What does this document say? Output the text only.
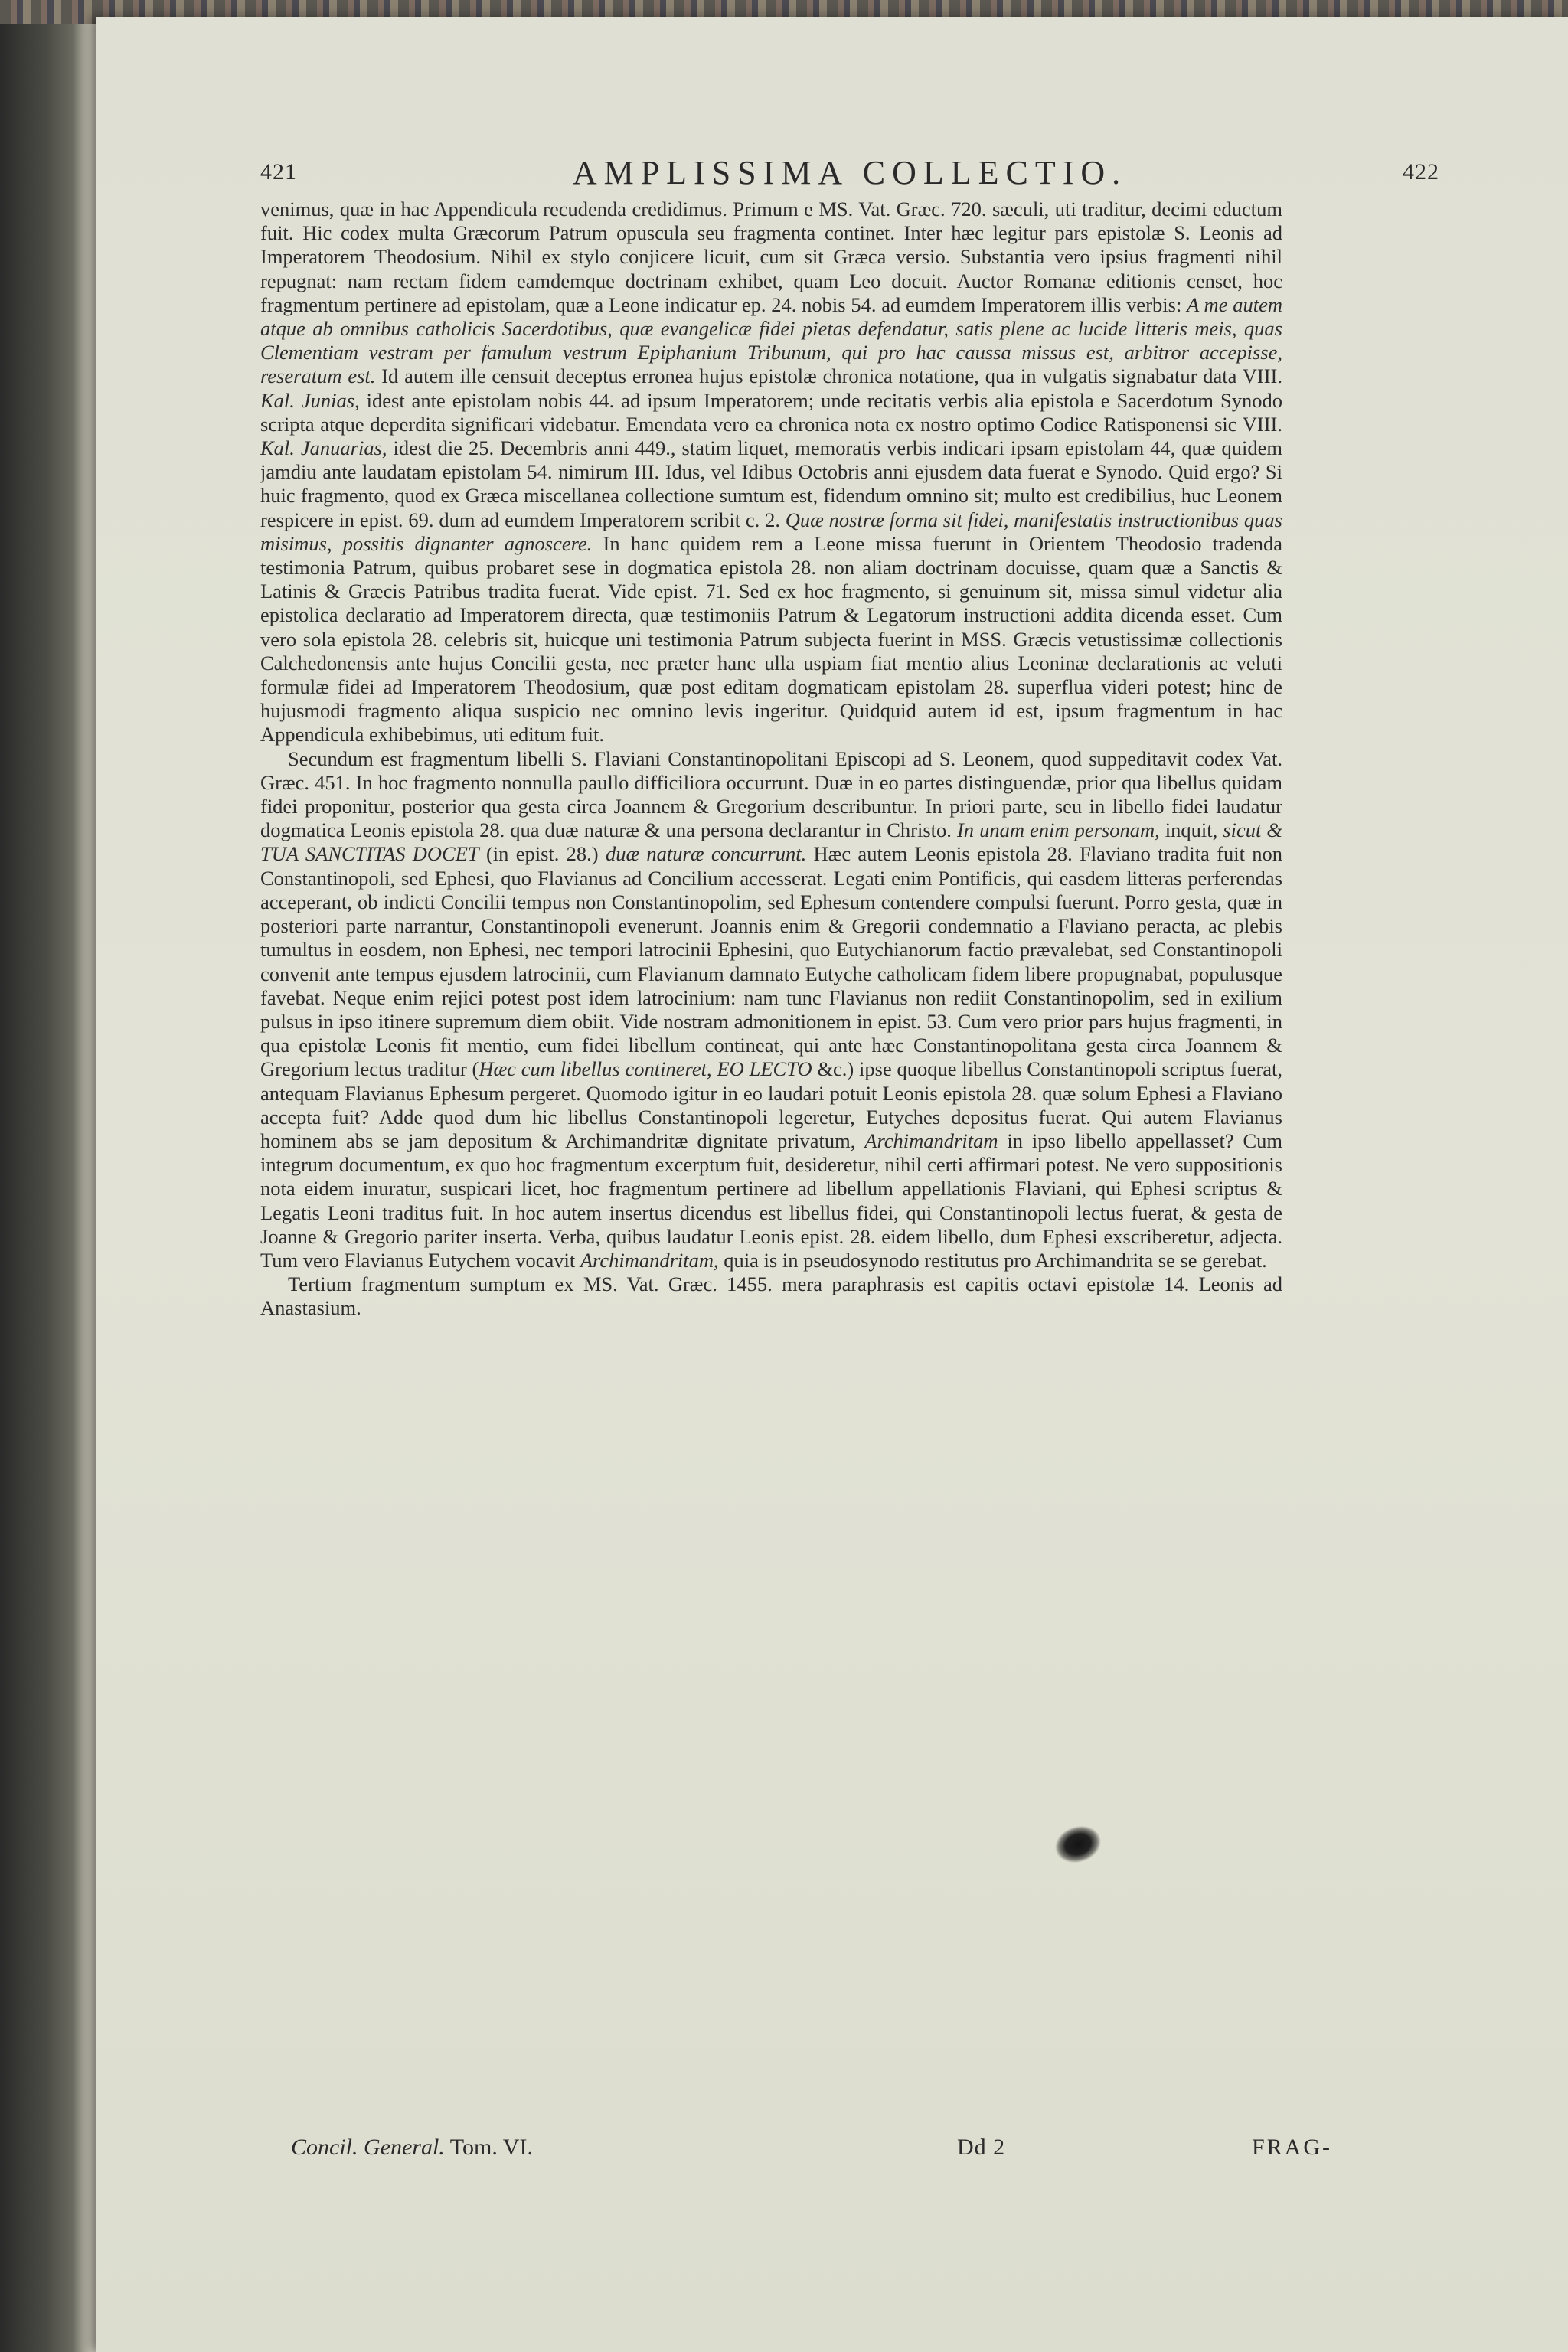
421	AMPLISSIMA COLLECTIO.	422

venimus, quæ in hac Appendicula recudenda credidimus. Primum e MS. Vat. Græc. 720. sæculi, uti traditur, decimi eductum fuit. Hic codex multa Græcorum Patrum opuscula seu fragmenta continet. Inter hæc legitur pars epistolæ S. Leonis ad Imperatorem Theodosium. Nihil ex stylo conjicere licuit, cum sit Græca versio. Substantia vero ipsius fragmenti nihil repugnat: nam rectam fidem eamdemque doctrinam exhibet, quam Leo docuit. Auctor Romanæ editionis censet, hoc fragmentum pertinere ad epistolam, quæ a Leone indicatur ep. 24. nobis 54. ad eumdem Imperatorem illis verbis: A me autem atque ab omnibus catholicis Sacerdotibus, quæ evangelicæ fidei pietas defendatur, satis plene ac lucide litteris meis, quas Clementiam vestram per famulum vestrum Epiphanium Tribunum, qui pro hac caussa missus est, arbitror accepisse, reseratum est. Id autem ille censuit deceptus erronea hujus epistolæ chronica notatione, qua in vulgatis signabatur data VIII. Kal. Junias, idest ante epistolam nobis 44. ad ipsum Imperatorem; unde recitatis verbis alia epistola e Sacerdotum Synodo scripta atque deperdita significari videbatur. Emendata vero ea chronica nota ex nostro optimo Codice Ratisponensi sic VIII. Kal. Januarias, idest die 25. Decembris anni 449., statim liquet, memoratis verbis indicari ipsam epistolam 44, quæ quidem jamdiu ante laudatam epistolam 54. nimirum III. Idus, vel Idibus Octobris anni ejusdem data fuerat e Synodo. Quid ergo? Si huic fragmento, quod ex Græca miscellanea collectione sumtum est, fidendum omnino sit; multo est credibilius, huc Leonem respicere in epist. 69. dum ad eumdem Imperatorem scribit c. 2. Quæ nostræ forma sit fidei, manifestatis instructionibus quas misimus, possitis dignanter agnoscere. In hanc quidem rem a Leone missa fuerunt in Orientem Theodosio tradenda testimonia Patrum, quibus probaret sese in dogmatica epistola 28. non aliam doctrinam docuisse, quam quæ a Sanctis & Latinis & Græcis Patribus tradita fuerat. Vide epist. 71. Sed ex hoc fragmento, si genuinum sit, missa simul videtur alia epistolica declaratio ad Imperatorem directa, quæ testimoniis Patrum & Legatorum instructioni addita dicenda esset. Cum vero sola epistola 28. celebris sit, huicque uni testimonia Patrum subjecta fuerint in MSS. Græcis vetustissimæ collectionis Calchedonensis ante hujus Concilii gesta, nec præter hanc ulla uspiam fiat mentio alius Leoninæ declarationis ac veluti formulæ fidei ad Imperatorem Theodosium, quæ post editam dogmaticam epistolam 28. superflua videri potest; hinc de hujusmodi fragmento aliqua suspicio nec omnino levis ingeritur. Quidquid autem id est, ipsum fragmentum in hac Appendicula exhibebimus, uti editum fuit.

Secundum est fragmentum libelli S. Flaviani Constantinopolitani Episcopi ad S. Leonem, quod suppeditavit codex Vat. Græc. 451. In hoc fragmento nonnulla paullo difficiliora occurrunt. Duæ in eo partes distinguendæ, prior qua libellus quidam fidei proponitur, posterior qua gesta circa Joannem & Gregorium describuntur. In priori parte, seu in libello fidei laudatur dogmatica Leonis epistola 28. qua duæ naturæ & una persona declarantur in Christo. In unam enim personam, inquit, sicut & TUA SANCTITAS DOCET (in epist. 28.) duæ naturæ concurrunt. Hæc autem Leonis epistola 28. Flaviano tradita fuit non Constantinopoli, sed Ephesi, quo Flavianus ad Concilium accesserat. Legati enim Pontificis, qui easdem litteras perferendas acceperant, ob indicti Concilii tempus non Constantinopolim, sed Ephesum contendere compulsi fuerunt. Porro gesta, quæ in posteriori parte narrantur, Constantinopoli evenerunt. Joannis enim & Gregorii condemnatio a Flaviano peracta, ac plebis tumultus in eosdem, non Ephesi, nec tempori latrocinii Ephesini, quo Eutychianorum factio prævalebat, sed Constantinopoli convenit ante tempus ejusdem latrocinii, cum Flavianum damnato Eutyche catholicam fidem libere propugnabat, populusque favebat. Neque enim rejici potest post idem latrocinium: nam tunc Flavianus non rediit Constantinopolim, sed in exilium pulsus in ipso itinere supremum diem obiit. Vide nostram admonitionem in epist. 53. Cum vero prior pars hujus fragmenti, in qua epistolæ Leonis fit mentio, eum fidei libellum contineat, qui ante hæc Constantinopolitana gesta circa Joannem & Gregorium lectus traditur (Hæc cum libellus contineret, EO LECTO &c.) ipse quoque libellus Constantinopoli scriptus fuerat, antequam Flavianus Ephesum pergeret. Quomodo igitur in eo laudari potuit Leonis epistola 28. quæ solum Ephesi a Flaviano accepta fuit? Adde quod dum hic libellus Constantinopoli legeretur, Eutyches depositus fuerat. Qui autem Flavianus hominem abs se jam depositum & Archimandritæ dignitate privatum, Archimandritam in ipso libello appellasset? Cum integrum documentum, ex quo hoc fragmentum excerptum fuit, desideretur, nihil certi affirmari potest. Ne vero suppositionis nota eidem inuratur, suspicari licet, hoc fragmentum pertinere ad libellum appellationis Flaviani, qui Ephesi scriptus & Legatis Leoni traditus fuit. In hoc autem insertus dicendus est libellus fidei, qui Constantinopoli lectus fuerat, & gesta de Joanne & Gregorio pariter inserta. Verba, quibus laudatur Leonis epist. 28. eidem libello, dum Ephesi exscriberetur, adjecta. Tum vero Flavianus Eutychem vocavit Archimandritam, quia is in pseudosynodo restitutus pro Archimandrita se se gerebat.

Tertium fragmentum sumptum ex MS. Vat. Græc. 1455. mera paraphrasis est capitis octavi epistolæ 14. Leonis ad Anastasium.

Concil. General. Tom. VI.	Dd 2	FRAG-
